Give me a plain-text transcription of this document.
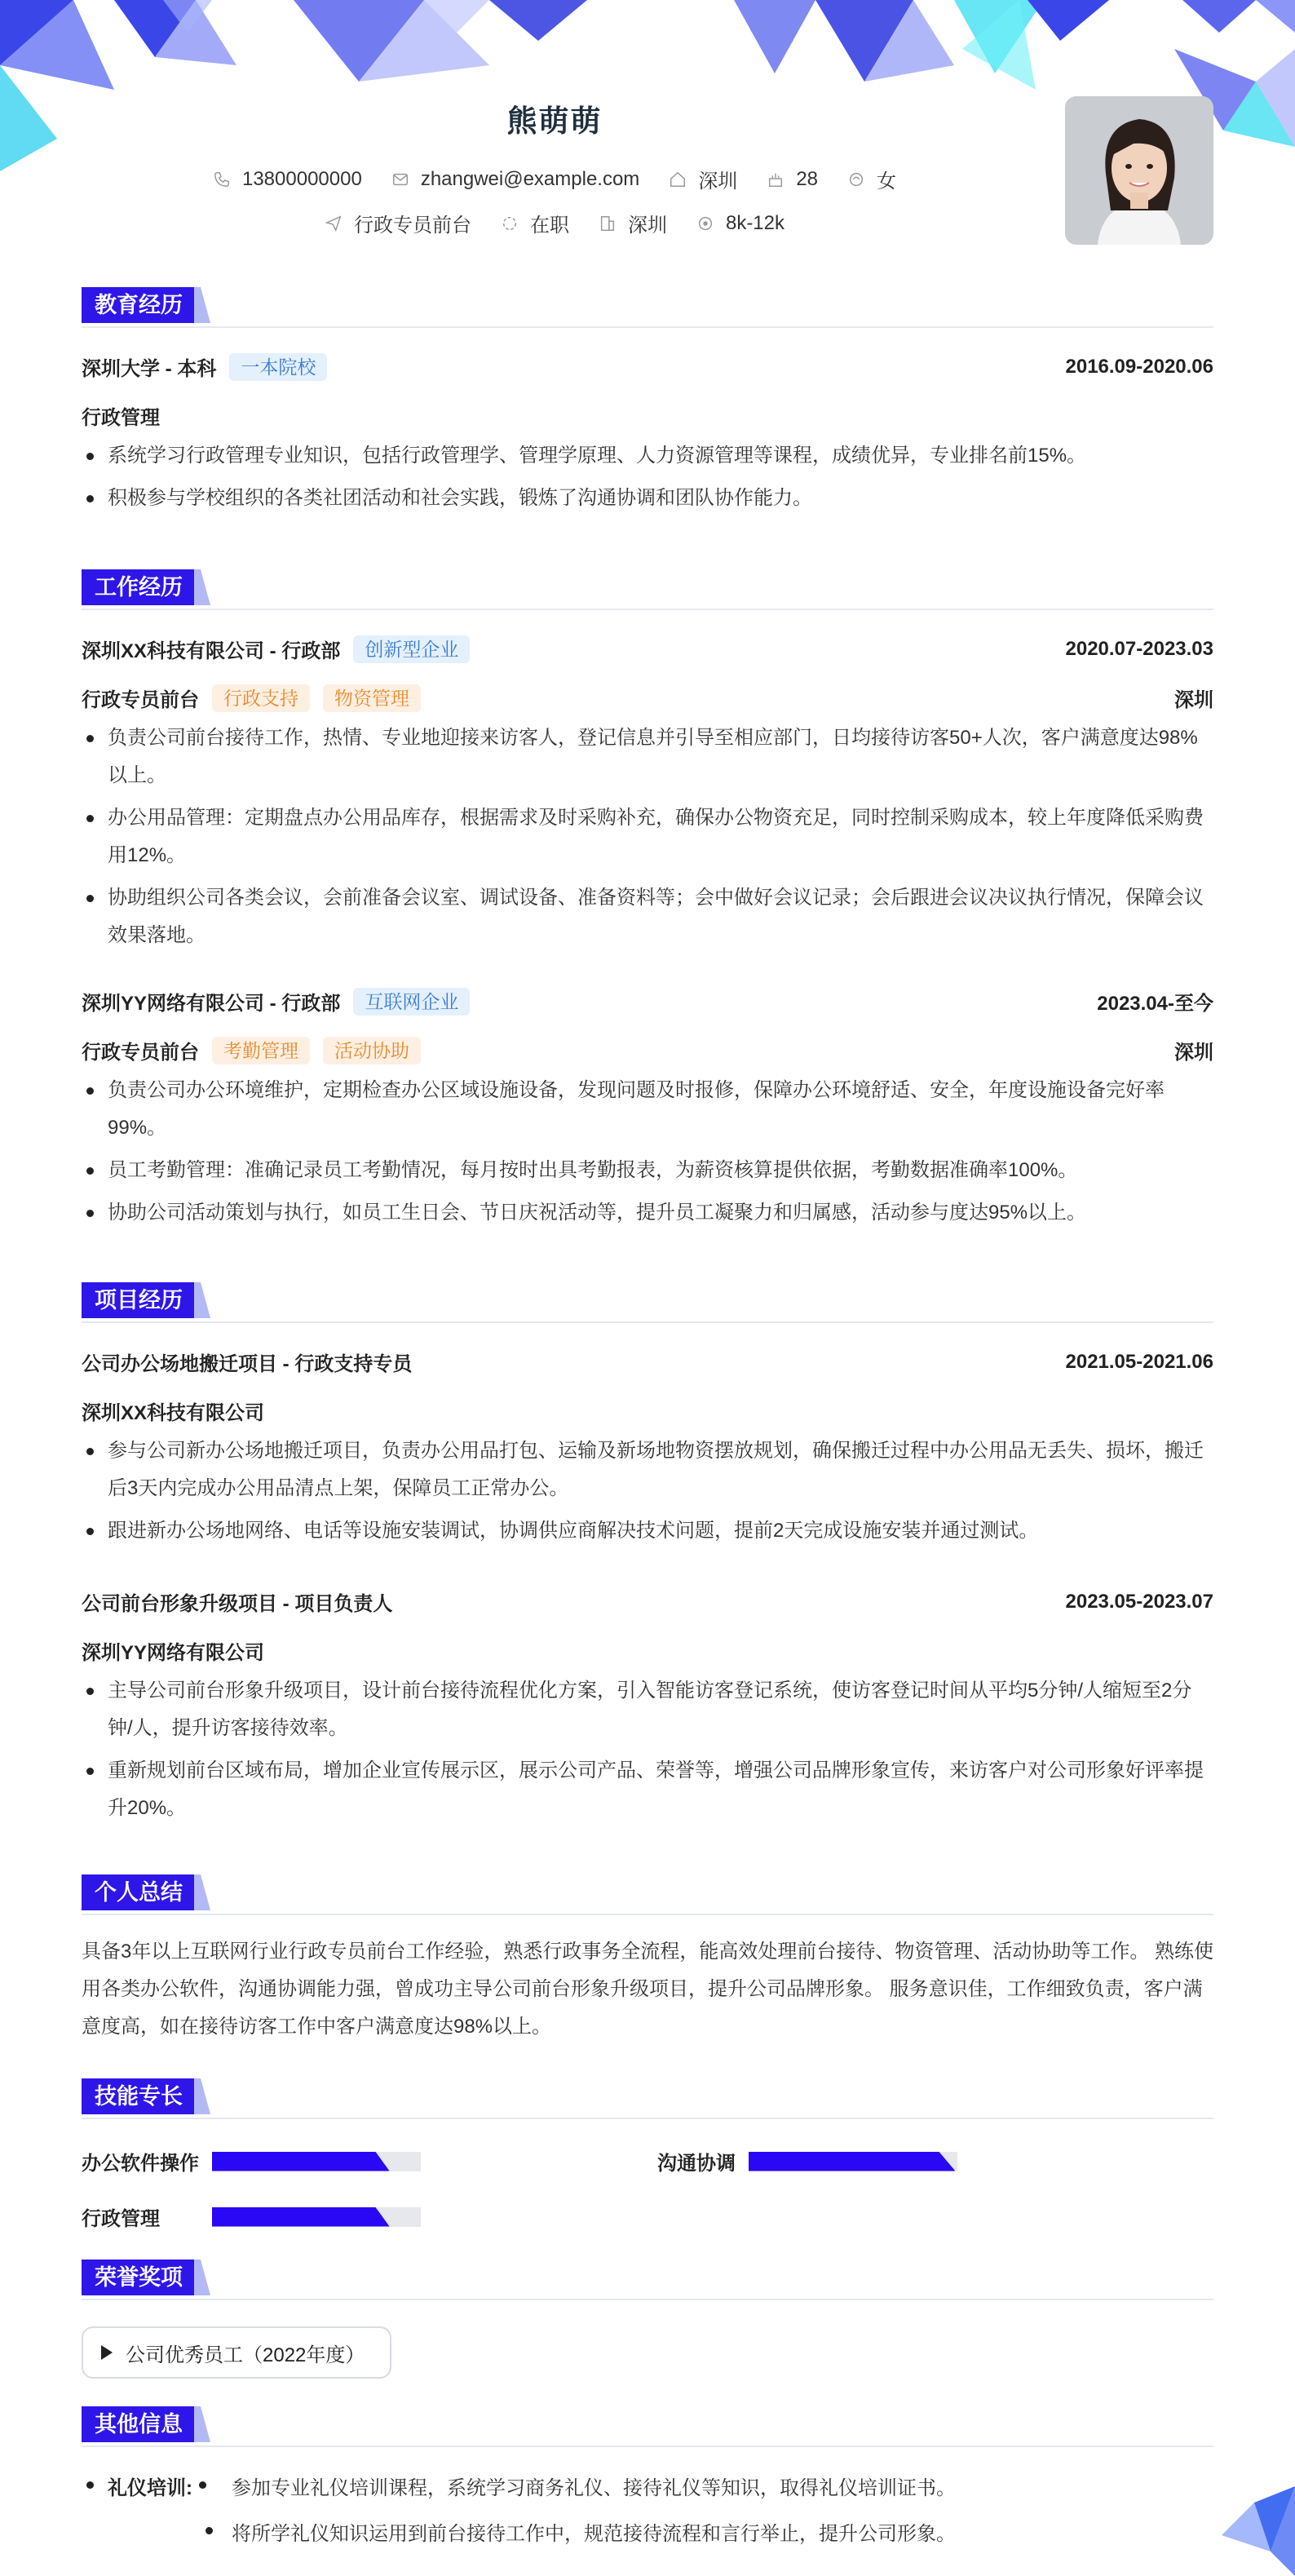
熊萌萌
13800000000	zhangwei@example.com	深圳	28	女
行政专员前台	在职	深圳	8k-12k
教育经历
深圳大学 - 本科	一本院校	2016.09-2020.06
行政管理
系统学习行政管理专业知识，包括行政管理学、管理学原理、人力资源管理等课程，成绩优异，专业排名前15%。
积极参与学校组织的各类社团活动和社会实践，锻炼了沟通协调和团队协作能力。
工作经历
深圳XX科技有限公司 - 行政部	创新型企业	2020.07-2023.03
行政专员前台	行政支持	物资管理	深圳
负责公司前台接待工作，热情、专业地迎接来访客人，登记信息并引导至相应部门，日均接待访客50+人次，客户满意度达98%以上。
办公用品管理：定期盘点办公用品库存，根据需求及时采购补充，确保办公物资充足，同时控制采购成本，较上年度降低采购费用12%。
协助组织公司各类会议，会前准备会议室、调试设备、准备资料等；会中做好会议记录；会后跟进会议决议执行情况，保障会议效果落地。
深圳YY网络有限公司 - 行政部	互联网企业	2023.04-至今
行政专员前台	考勤管理	活动协助	深圳
负责公司办公环境维护，定期检查办公区域设施设备，发现问题及时报修，保障办公环境舒适、安全，年度设施设备完好率99%。
员工考勤管理：准确记录员工考勤情况，每月按时出具考勤报表，为薪资核算提供依据，考勤数据准确率100%。
协助公司活动策划与执行，如员工生日会、节日庆祝活动等，提升员工凝聚力和归属感，活动参与度达95%以上。
项目经历
公司办公场地搬迁项目 - 行政支持专员	2021.05-2021.06
深圳XX科技有限公司
参与公司新办公场地搬迁项目，负责办公用品打包、运输及新场地物资摆放规划，确保搬迁过程中办公用品无丢失、损坏，搬迁后3天内完成办公用品清点上架，保障员工正常办公。
跟进新办公场地网络、电话等设施安装调试，协调供应商解决技术问题，提前2天完成设施安装并通过测试。
公司前台形象升级项目 - 项目负责人	2023.05-2023.07
深圳YY网络有限公司
主导公司前台形象升级项目，设计前台接待流程优化方案，引入智能访客登记系统，使访客登记时间从平均5分钟/人缩短至2分钟/人，提升访客接待效率。
重新规划前台区域布局，增加企业宣传展示区，展示公司产品、荣誉等，增强公司品牌形象宣传，来访客户对公司形象好评率提升20%。
个人总结
具备3年以上互联网行业行政专员前台工作经验，熟悉行政事务全流程，能高效处理前台接待、物资管理、活动协助等工作。 熟练使用各类办公软件，沟通协调能力强，曾成功主导公司前台形象升级项目，提升公司品牌形象。 服务意识佳，工作细致负责，客户满意度高，如在接待访客工作中客户满意度达98%以上。
技能专长
办公软件操作	沟通协调
行政管理
荣誉奖项
公司优秀员工（2022年度）
其他信息
礼仪培训: 参加专业礼仪培训课程，系统学习商务礼仪、接待礼仪等知识，取得礼仪培训证书。
将所学礼仪知识运用到前台接待工作中，规范接待流程和言行举止，提升公司形象。
